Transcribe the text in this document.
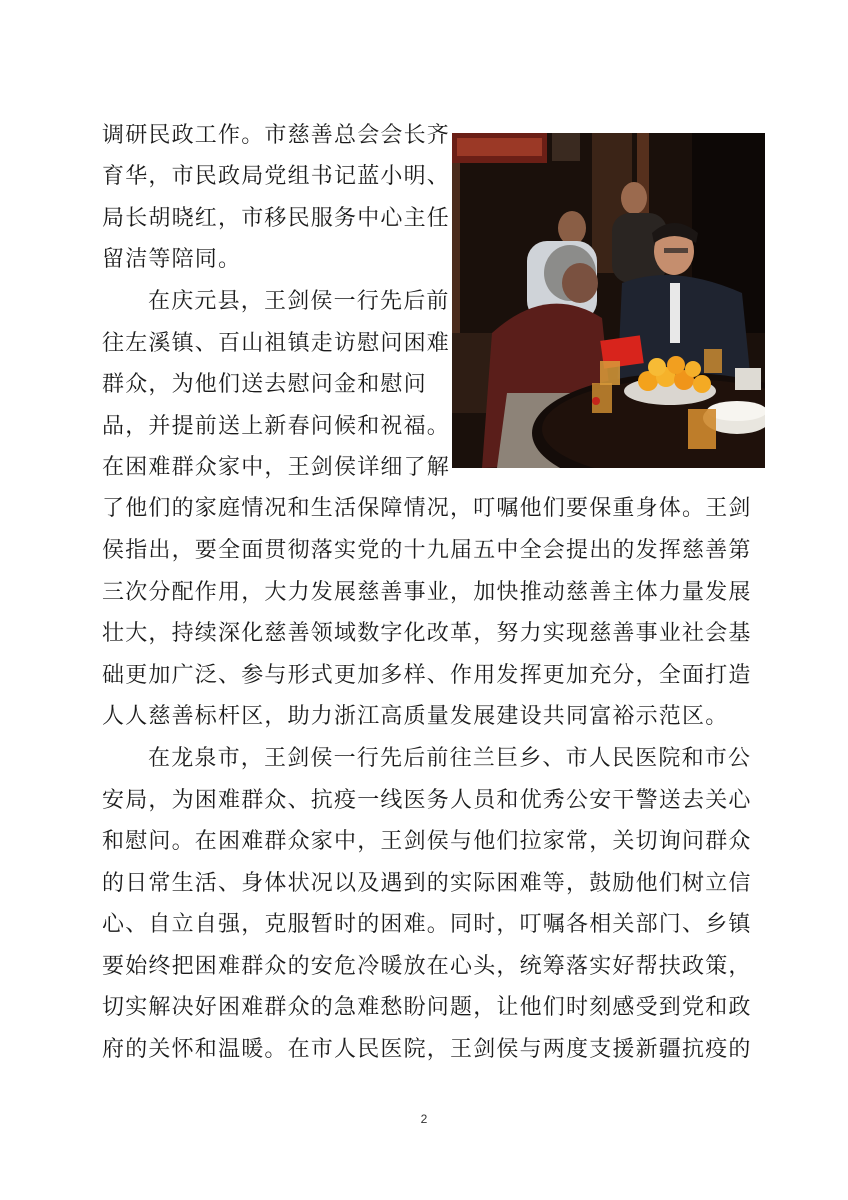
调研民政工作。市慈善总会会长齐
育华，市民政局党组书记蓝小明、
局长胡晓红，市移民服务中心主任
留洁等陪同。
在庆元县，王剑侯一行先后前
往左溪镇、百山祖镇走访慰问困难
群众，为他们送去慰问金和慰问
品，并提前送上新春问候和祝福。
在困难群众家中，王剑侯详细了解
了他们的家庭情况和生活保障情况，叮嘱他们要保重身体。王剑
侯指出，要全面贯彻落实党的十九届五中全会提出的发挥慈善第
三次分配作用，大力发展慈善事业，加快推动慈善主体力量发展
壮大，持续深化慈善领域数字化改革，努力实现慈善事业社会基
础更加广泛、参与形式更加多样、作用发挥更加充分，全面打造
人人慈善标杆区，助力浙江高质量发展建设共同富裕示范区。
在龙泉市，王剑侯一行先后前往兰巨乡、市人民医院和市公
安局，为困难群众、抗疫一线医务人员和优秀公安干警送去关心
和慰问。在困难群众家中，王剑侯与他们拉家常，关切询问群众
的日常生活、身体状况以及遇到的实际困难等，鼓励他们树立信
心、自立自强，克服暂时的困难。同时，叮嘱各相关部门、乡镇
要始终把困难群众的安危冷暖放在心头，统筹落实好帮扶政策，
切实解决好困难群众的急难愁盼问题，让他们时刻感受到党和政
府的关怀和温暖。在市人民医院，王剑侯与两度支援新疆抗疫的
2
